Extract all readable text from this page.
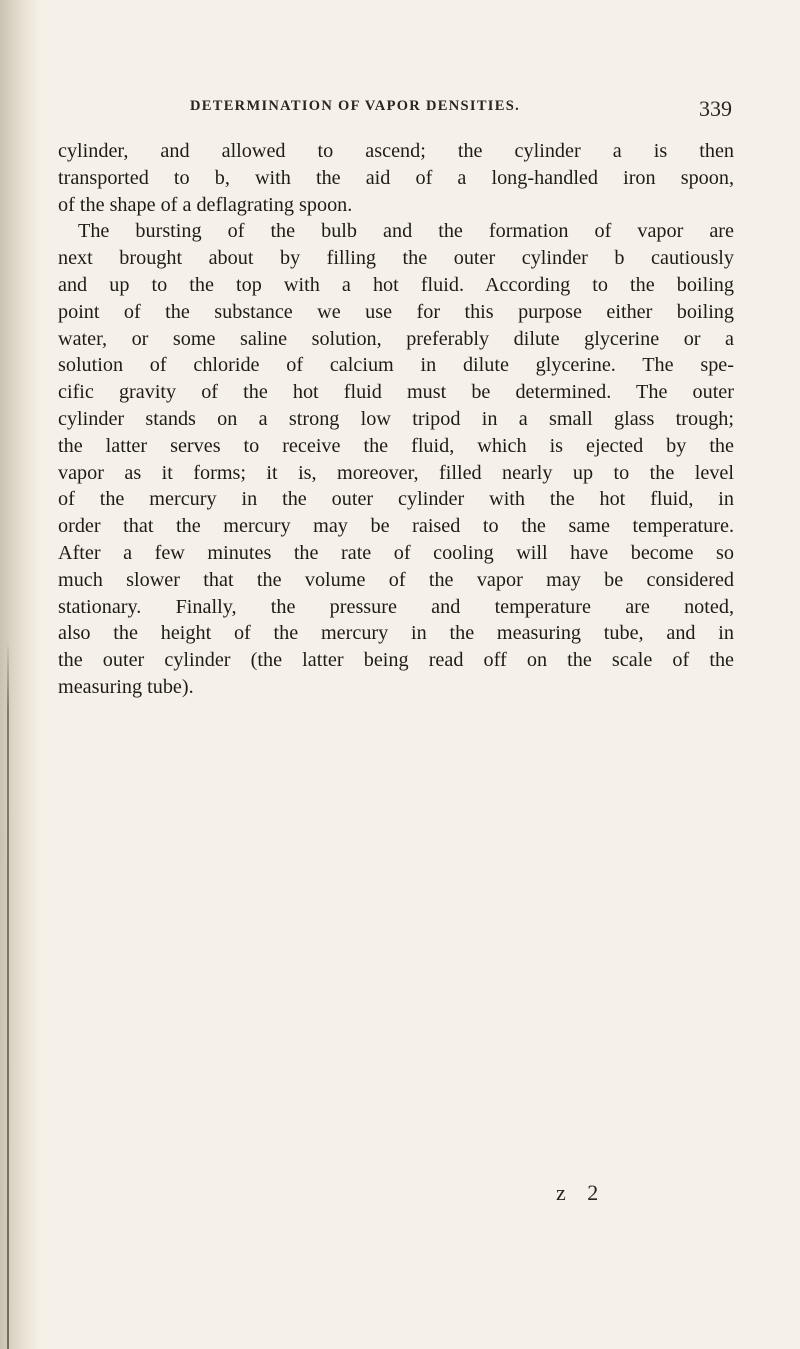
DETERMINATION OF VAPOR DENSITIES.	339
cylinder, and allowed to ascend; the cylinder a is then
transported to b, with the aid of a long-handled iron spoon,
of the shape of a deflagrating spoon.
The bursting of the bulb and the formation of vapor are
next brought about by filling the outer cylinder b cautiously
and up to the top with a hot fluid. According to the boiling
point of the substance we use for this purpose either boiling
water, or some saline solution, preferably dilute glycerine or a
solution of chloride of calcium in dilute glycerine. The spe-
cific gravity of the hot fluid must be determined. The outer
cylinder stands on a strong low tripod in a small glass trough;
the latter serves to receive the fluid, which is ejected by the
vapor as it forms; it is, moreover, filled nearly up to the level
of the mercury in the outer cylinder with the hot fluid, in
order that the mercury may be raised to the same temperature.
After a few minutes the rate of cooling will have become so
much slower that the volume of the vapor may be considered
stationary. Finally, the pressure and temperature are noted,
also the height of the mercury in the measuring tube, and in
the outer cylinder (the latter being read off on the scale of the
measuring tube).
z 2
